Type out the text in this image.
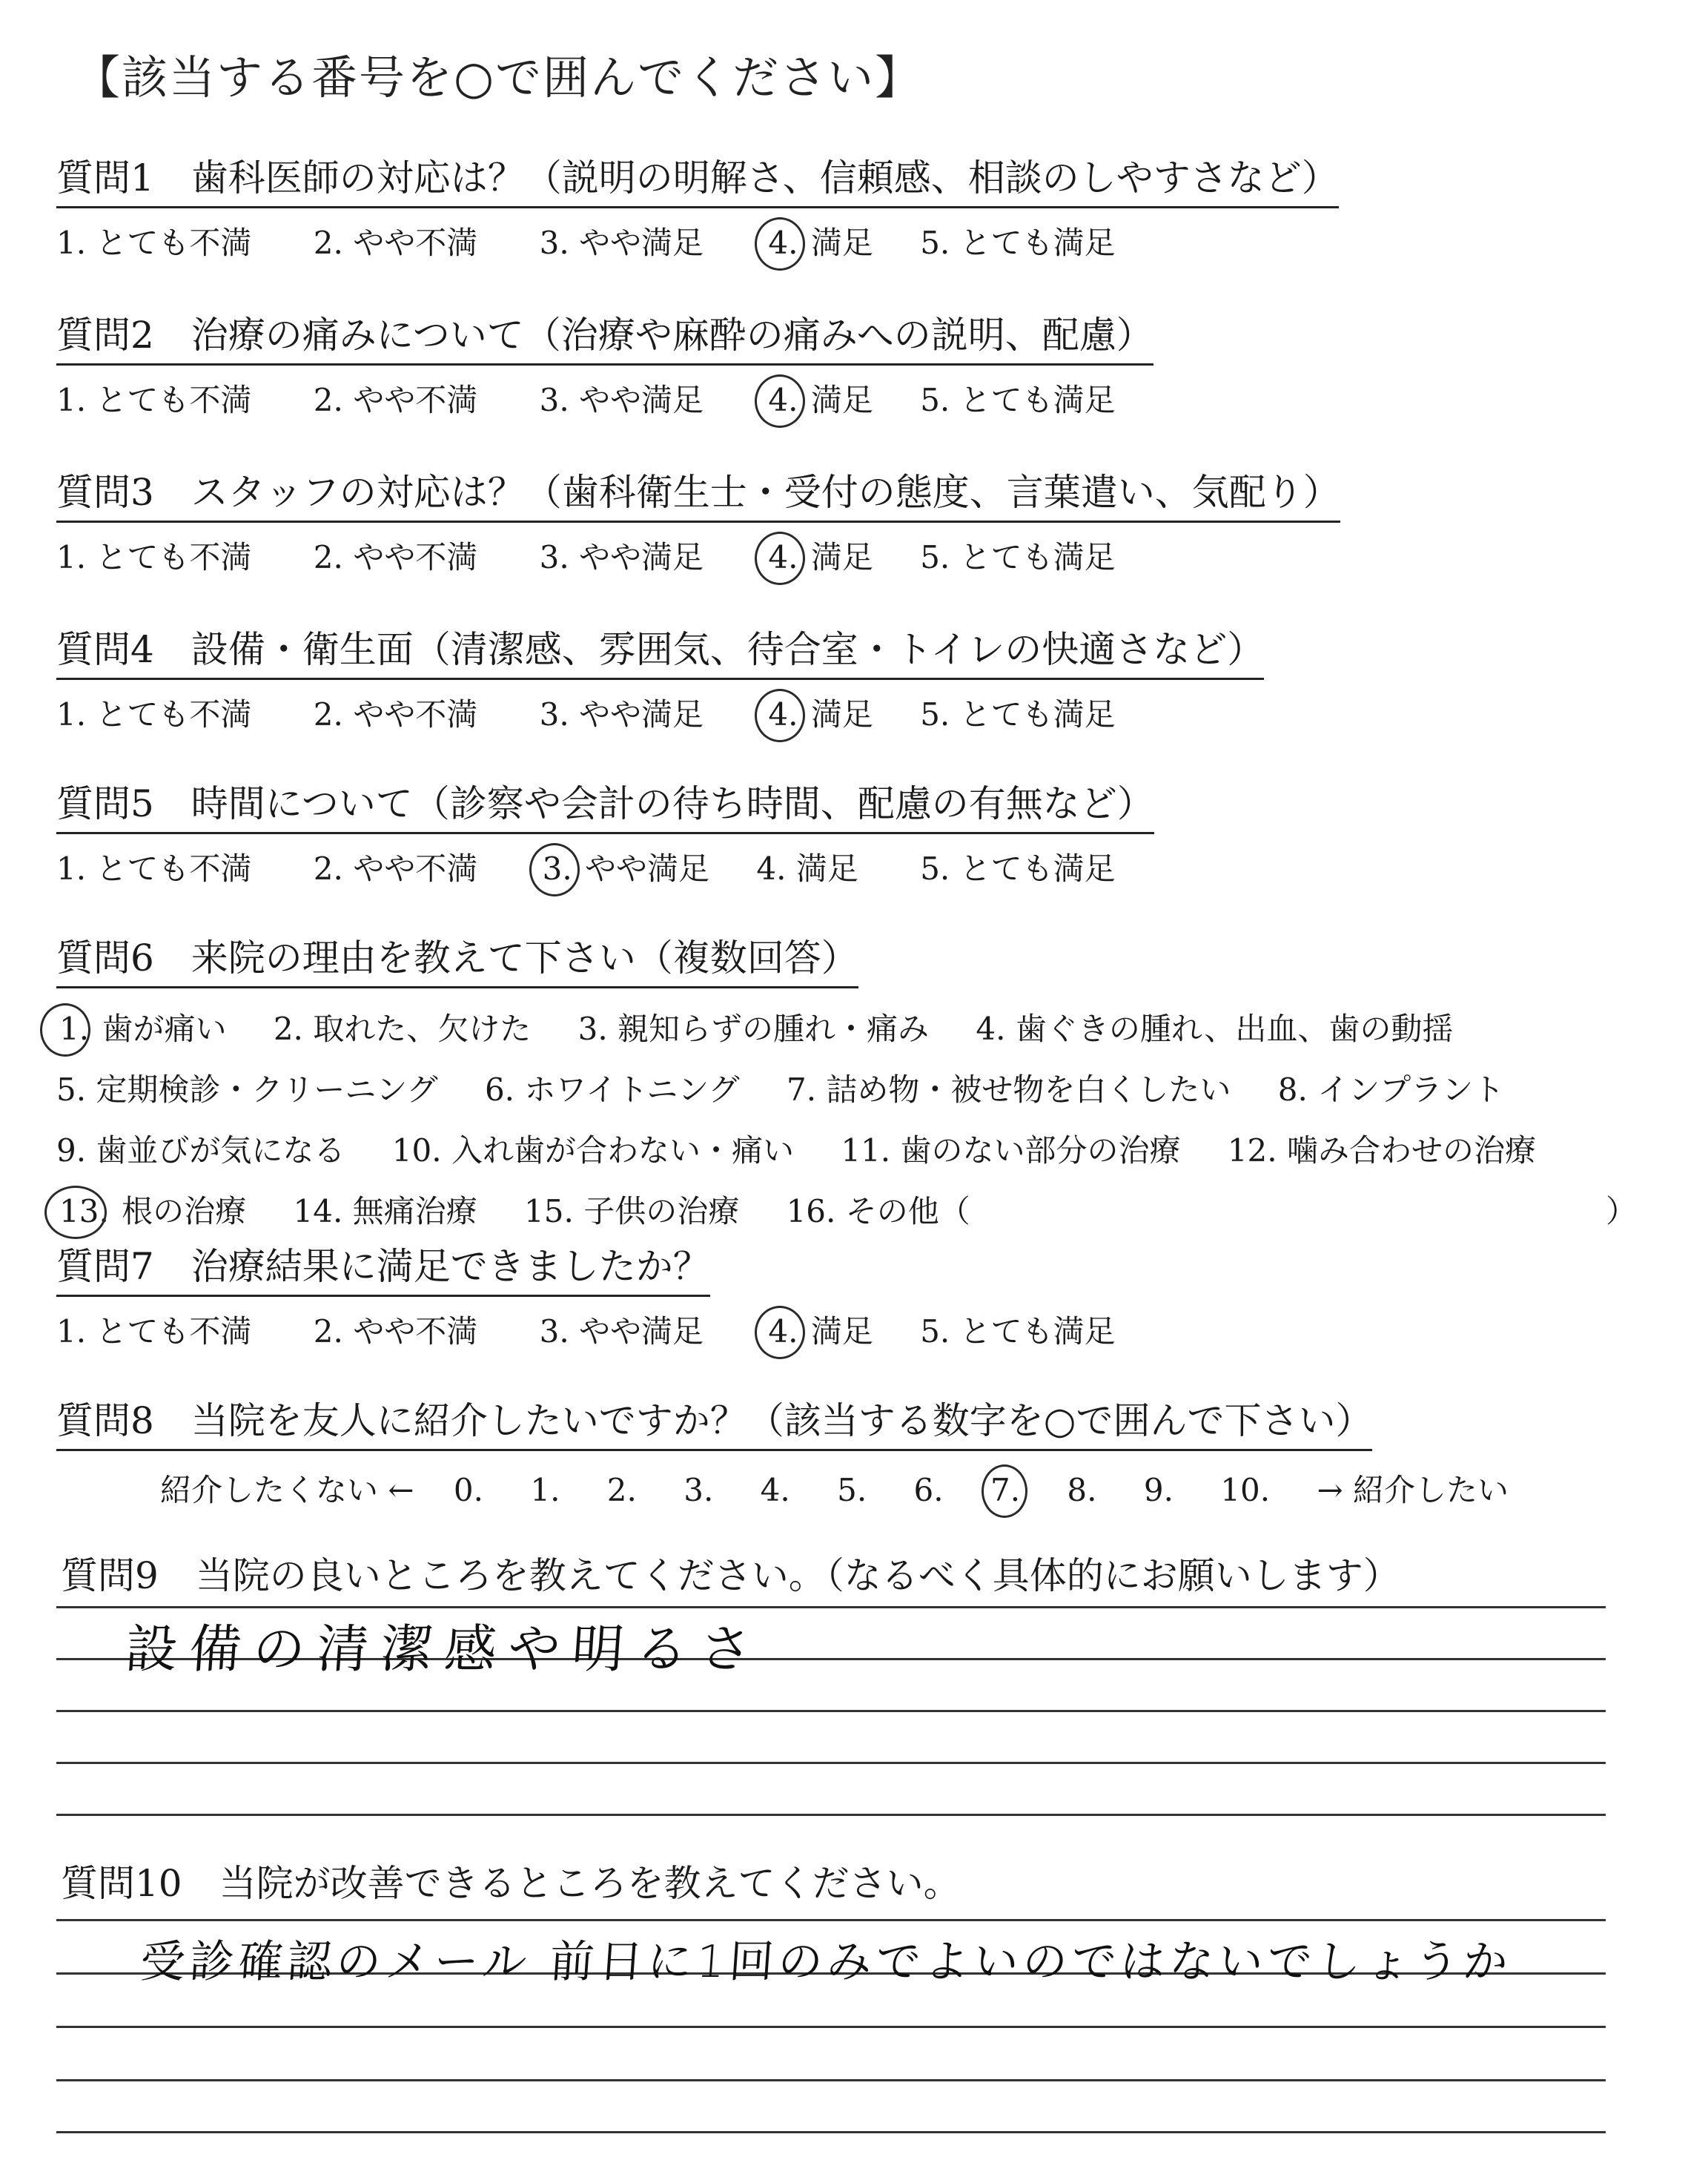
【該当する番号を○で囲んでください】
質問1　歯科医師の対応は？（説明の明解さ、信頼感、相談のしやすさなど）
1. とても不満 2. やや不満 3. やや満足 4. 満足 5. とても満足
質問2　治療の痛みについて（治療や麻酔の痛みへの説明、配慮）
1. とても不満 2. やや不満 3. やや満足 4. 満足 5. とても満足
質問3　スタッフの対応は？（歯科衛生士・受付の態度、言葉遣い、気配り）
1. とても不満 2. やや不満 3. やや満足 4. 満足 5. とても満足
質問4　設備・衛生面（清潔感、雰囲気、待合室・トイレの快適さなど）
1. とても不満 2. やや不満 3. やや満足 4. 満足 5. とても満足
質問5　時間について（診察や会計の待ち時間、配慮の有無など）
1. とても不満 2. やや不満 3. やや満足 4. 満足 5. とても満足
質問6　来院の理由を教えて下さい（複数回答）
1. 歯が痛い 2. 取れた、欠けた 3. 親知らずの腫れ・痛み 4. 歯ぐきの腫れ、出血、歯の動揺
5. 定期検診・クリーニング 6. ホワイトニング 7. 詰め物・被せ物を白くしたい 8. インプラント
9. 歯並びが気になる 10. 入れ歯が合わない・痛い 11. 歯のない部分の治療 12. 噛み合わせの治療
13. 根の治療 14. 無痛治療 15. 子供の治療 16. その他（	）
質問7　治療結果に満足できましたか？
1. とても不満 2. やや不満 3. やや満足 4. 満足 5. とても満足
質問8　当院を友人に紹介したいですか？（該当する数字を○で囲んで下さい）
紹介したくない ← 0. 1. 2. 3. 4. 5. 6. 7. 8. 9. 10. → 紹介したい
質問9　当院の良いところを教えてください。（なるべく具体的にお願いします）
設備の清潔感や明るさ
質問10　当院が改善できるところを教えてください。
受診確認のメール 前日に1回のみでよいのではないでしょうか
